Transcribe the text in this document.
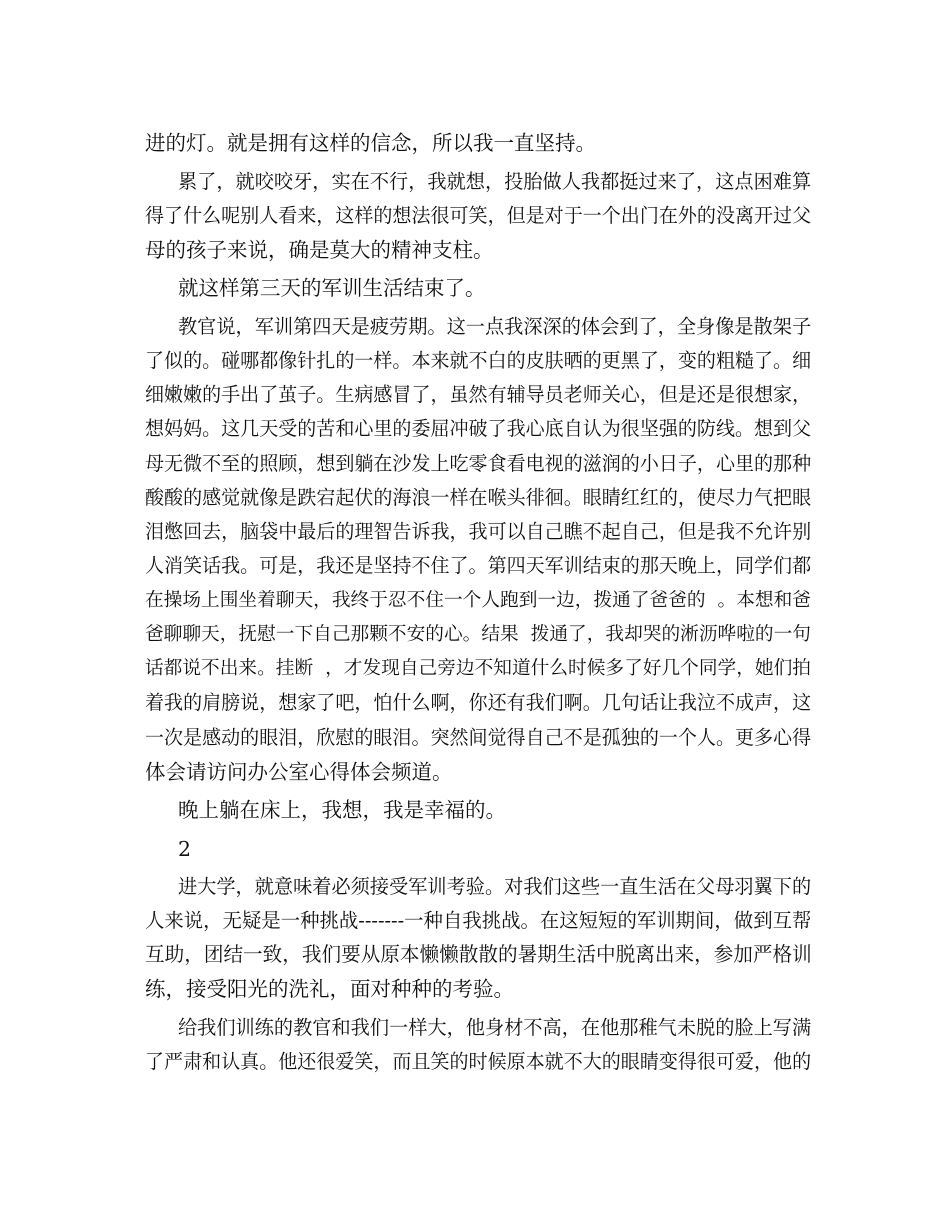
进的灯。就是拥有这样的信念，所以我一直坚持。
累了，就咬咬牙，实在不行，我就想，投胎做人我都挺过来了，这点困难算
得了什么呢别人看来，这样的想法很可笑，但是对于一个出门在外的没离开过父
母的孩子来说，确是莫大的精神支柱。
就这样第三天的军训生活结束了。
教官说，军训第四天是疲劳期。这一点我深深的体会到了，全身像是散架子
了似的。碰哪都像针扎的一样。本来就不白的皮肤晒的更黑了，变的粗糙了。细
细嫩嫩的手出了茧子。生病感冒了，虽然有辅导员老师关心，但是还是很想家，
想妈妈。这几天受的苦和心里的委屈冲破了我心底自认为很坚强的防线。想到父
母无微不至的照顾，想到躺在沙发上吃零食看电视的滋润的小日子，心里的那种
酸酸的感觉就像是跌宕起伏的海浪一样在喉头徘徊。眼睛红红的，使尽力气把眼
泪憋回去，脑袋中最后的理智告诉我，我可以自己瞧不起自己，但是我不允许别
人消笑话我。可是，我还是坚持不住了。第四天军训结束的那天晚上，同学们都
在操场上围坐着聊天，我终于忍不住一个人跑到一边，拨通了爸爸的  。本想和爸
爸聊聊天，抚慰一下自己那颗不安的心。结果  拨通了，我却哭的淅沥哗啦的一句
话都说不出来。挂断  ，才发现自己旁边不知道什么时候多了好几个同学，她们拍
着我的肩膀说，想家了吧，怕什么啊，你还有我们啊。几句话让我泣不成声，这
一次是感动的眼泪，欣慰的眼泪。突然间觉得自己不是孤独的一个人。更多心得
体会请访问办公室心得体会频道。
晚上躺在床上，我想，我是幸福的。
2
进大学，就意味着必须接受军训考验。对我们这些一直生活在父母羽翼下的
人来说，无疑是一种挑战-------一种自我挑战。在这短短的军训期间，做到互帮
互助，团结一致，我们要从原本懒懒散散的暑期生活中脱离出来，参加严格训
练，接受阳光的洗礼，面对种种的考验。
给我们训练的教官和我们一样大，他身材不高，在他那稚气未脱的脸上写满
了严肃和认真。他还很爱笑，而且笑的时候原本就不大的眼睛变得很可爱，他的
